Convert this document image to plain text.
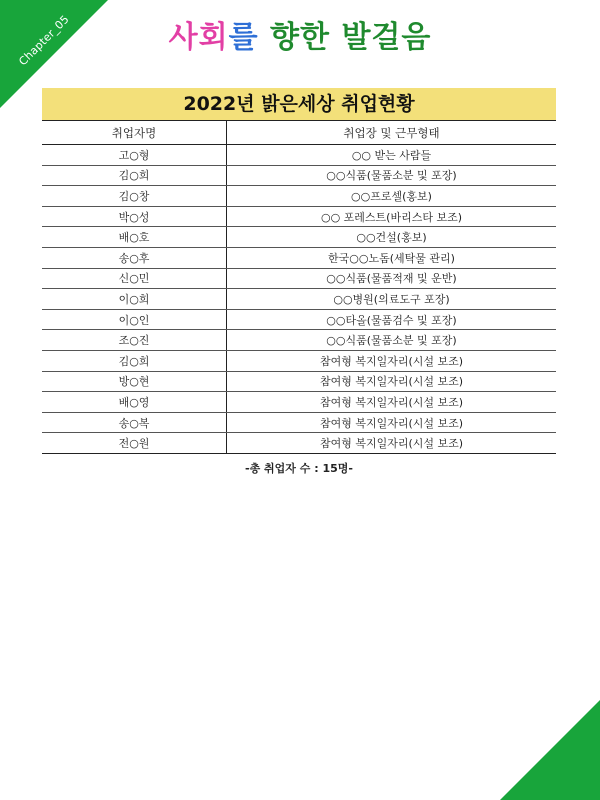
Chapter_05	사회를 향한 발걸음
2022년 밝은세상 취업현황
취업자명	취업장 및 근무형태
고○형	○○ 받는 사람들
김○희	○○식품(물품소분 및 포장)
김○창	○○프로셀(홍보)
박○성	○○ 포레스트(바리스타 보조)
배○호	○○건설(홍보)
송○후	한국○○노돔(세탁물 관리)
신○민	○○식품(물품적재 및 운반)
이○희	○○병원(의료도구 포장)
이○인	○○타올(물품검수 및 포장)
조○진	○○식품(물품소분 및 포장)
김○희	참여형 복지일자리(시설 보조)
방○현	참여형 복지일자리(시설 보조)
배○영	참여형 복지일자리(시설 보조)
송○복	참여형 복지일자리(시설 보조)
전○원	참여형 복지일자리(시설 보조)
-총 취업자 수 : 15명-
